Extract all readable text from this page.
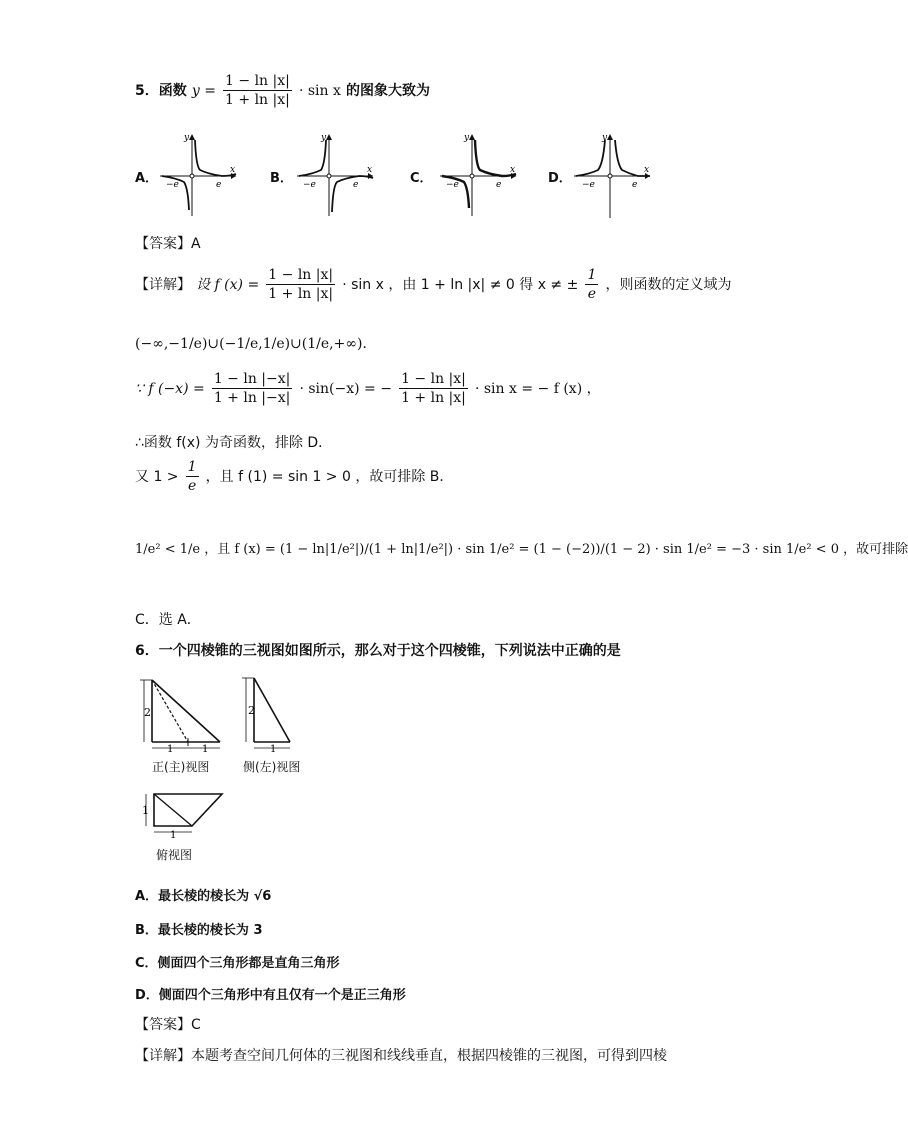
5．函数 $y = \frac{1 - \ln |x|}{1 + \ln |x|} \cdot \sin x$ 的图象大致为
A．
y
x
−e	e	B．
y
x
−e	e	C．
y
x
−e	e	D．
y
x
−e	e
【答案】A
【详解】 设 f $(x) = \frac{1 - \ln |x|}{1 + \ln |x|} \cdot \sin x$ ，由 1 + ln |x| ≠ 0 得 x ≠ ± $\frac{1}{e}$ ，则函数的定义域为
(−∞,−1/e)∪(−1/e,1/e)∪(1/e,+∞)．
∵ f $(-x) = \frac{1 - \ln |-x|}{1 + \ln |-x|} \cdot \sin(-x)$ = − $\frac{1 - \ln |x|}{1 + \ln |x|} \cdot \sin x$ = − f (x) ，
∴函数 f(x) 为奇函数，排除 D．
又 $1 > \frac{1}{e}$ ，且 f (1) = sin 1 > 0 ，故可排除 B．
1/e² < 1/e ，且 f (x) = (1 − ln|1/e²|)/(1 + ln|1/e²|) · sin 1/e² = (1 − (−2))/(1 − 2) · sin 1/e² = −3 · sin 1/e² < 0 ，故可排除
C．选 A．
6．一个四棱锥的三视图如图所示，那么对于这个四棱锥，下列说法中正确的是
2
1	1
正(主)视图
2
1
侧(左)视图
1
1
俯视图
A．最长棱的棱长为 √6
B．最长棱的棱长为 3
C．侧面四个三角形都是直角三角形
D．侧面四个三角形中有且仅有一个是正三角形
【答案】C
【详解】本题考查空间几何体的三视图和线线垂直，根据四棱锥的三视图，可得到四棱
